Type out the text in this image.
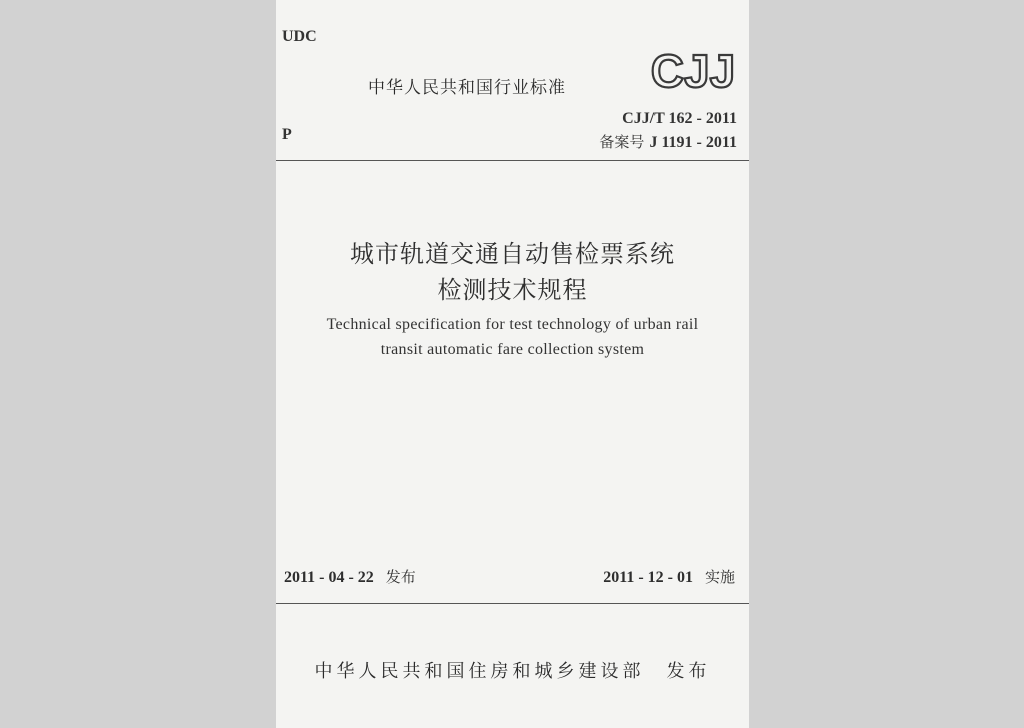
UDC
中华人民共和国行业标准 CJJ
CJJ/T 162 - 2011
P	备案号 J 1191 - 2011
城市轨道交通自动售检票系统
检测技术规程
Technical specification for test technology of urban rail
transit automatic fare collection system
2011 - 04 - 22 发布	2011 - 12 - 01 实施
中华人民共和国住房和城乡建设部 发布
